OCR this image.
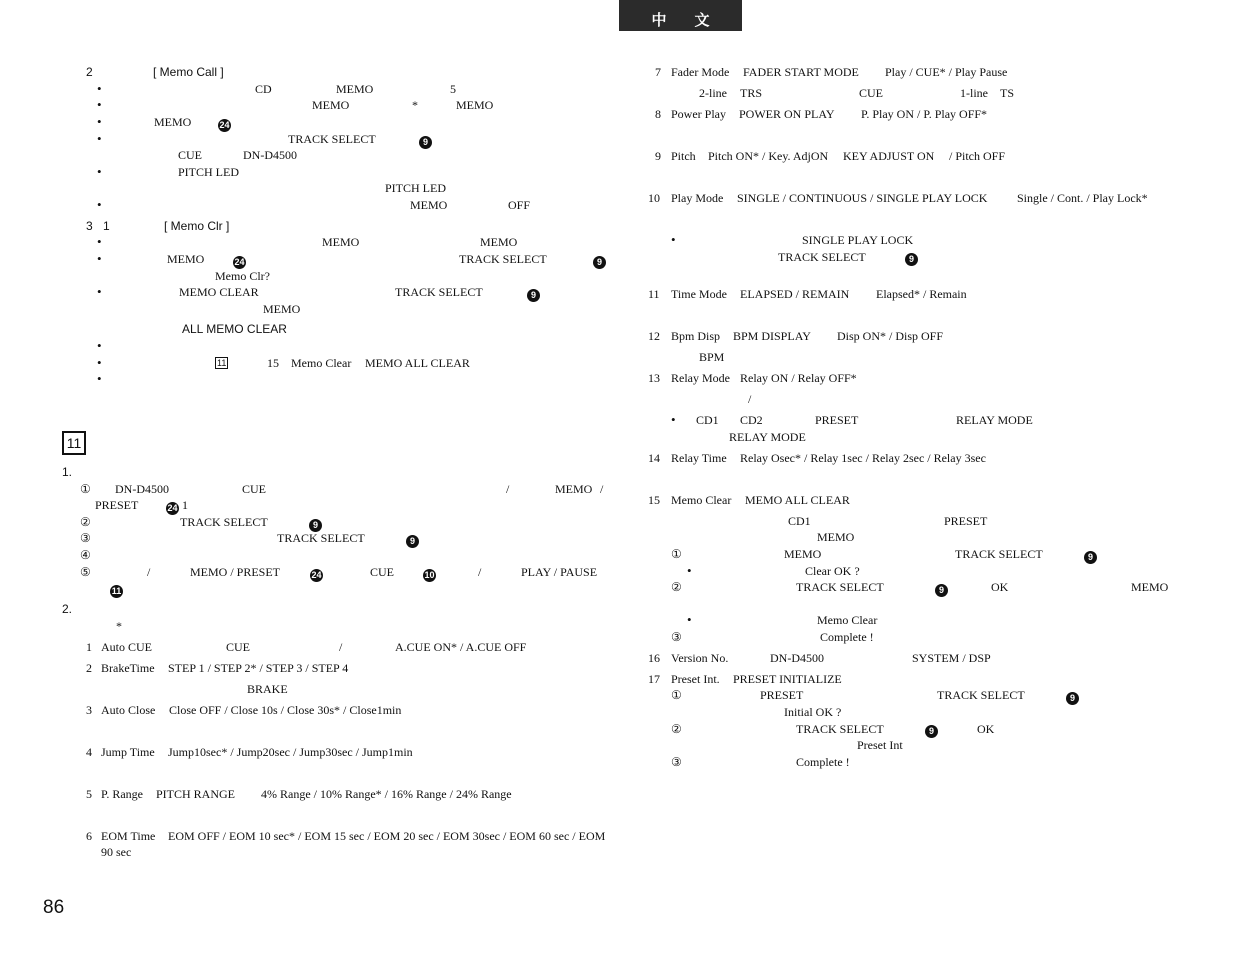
中文
86
11
2	[ Memo Call ]
•	CD	MEMO	5
•	MEMO	*	MEMO
•	MEMO	24
•	TRACK SELECT	9
CUE	DN-D4500
•	PITCH LED
PITCH LED
•	MEMO	OFF
3 1	[ Memo Clr ]
•	MEMO	MEMO
•	MEMO	24	TRACK SELECT	9
Memo Clr?
•	MEMO CLEAR	TRACK SELECT	9
MEMO
ALL MEMO CLEAR
•
•	11	15 Memo Clear MEMO ALL CLEAR
•
1.
① DN-D4500	CUE	/	MEMO /
PRESET	24 1
②	TRACK SELECT	9
③	TRACK SELECT	9
④
⑤	/	MEMO / PRESET	24	CUE	10	/	PLAY / PAUSE
11
2.
*
1 Auto CUE	CUE	/	A.CUE ON* / A.CUE OFF
2 BrakeTime STEP 1 / STEP 2* / STEP 3 / STEP 4
BRAKE
3 Auto Close Close OFF / Close 10s / Close 30s* / Close1min
4 Jump Time Jump10sec* / Jump20sec / Jump30sec / Jump1min
5 P. Range PITCH RANGE 4% Range / 10% Range* / 16% Range / 24% Range
6 EOM Time EOM OFF / EOM 10 sec* / EOM 15 sec / EOM 20 sec / EOM 30sec / EOM 60 sec / EOM
90 sec
7 Fader Mode FADER START MODE Play / CUE* / Play Pause
2-line TRS	CUE	1-line TS
8 Power Play POWER ON PLAY P. Play ON / P. Play OFF*
9 Pitch Pitch ON* / Key. AdjON KEY ADJUST ON / Pitch OFF
10 Play Mode SINGLE / CONTINUOUS / SINGLE PLAY LOCK Single / Cont. / Play Lock*
•	SINGLE PLAY LOCK
TRACK SELECT	9
11 Time Mode ELAPSED / REMAIN Elapsed* / Remain
12 Bpm Disp BPM DISPLAY Disp ON* / Disp OFF
BPM
13 Relay Mode Relay ON / Relay OFF*
/
• CD1 CD2	PRESET	RELAY MODE
RELAY MODE
14 Relay Time Relay Osec* / Relay 1sec / Relay 2sec / Relay 3sec
15 Memo Clear MEMO ALL CLEAR
CD1	PRESET
MEMO
①	MEMO	TRACK SELECT	9
•	Clear OK ?
②	TRACK SELECT	9	OK	MEMO
•	Memo Clear
③	Complete !
16 Version No.	DN-D4500	SYSTEM / DSP
17 Preset Int. PRESET INITIALIZE
①	PRESET	TRACK SELECT	9
Initial OK ?
②	TRACK SELECT	9	OK
Preset Int
③	Complete !
